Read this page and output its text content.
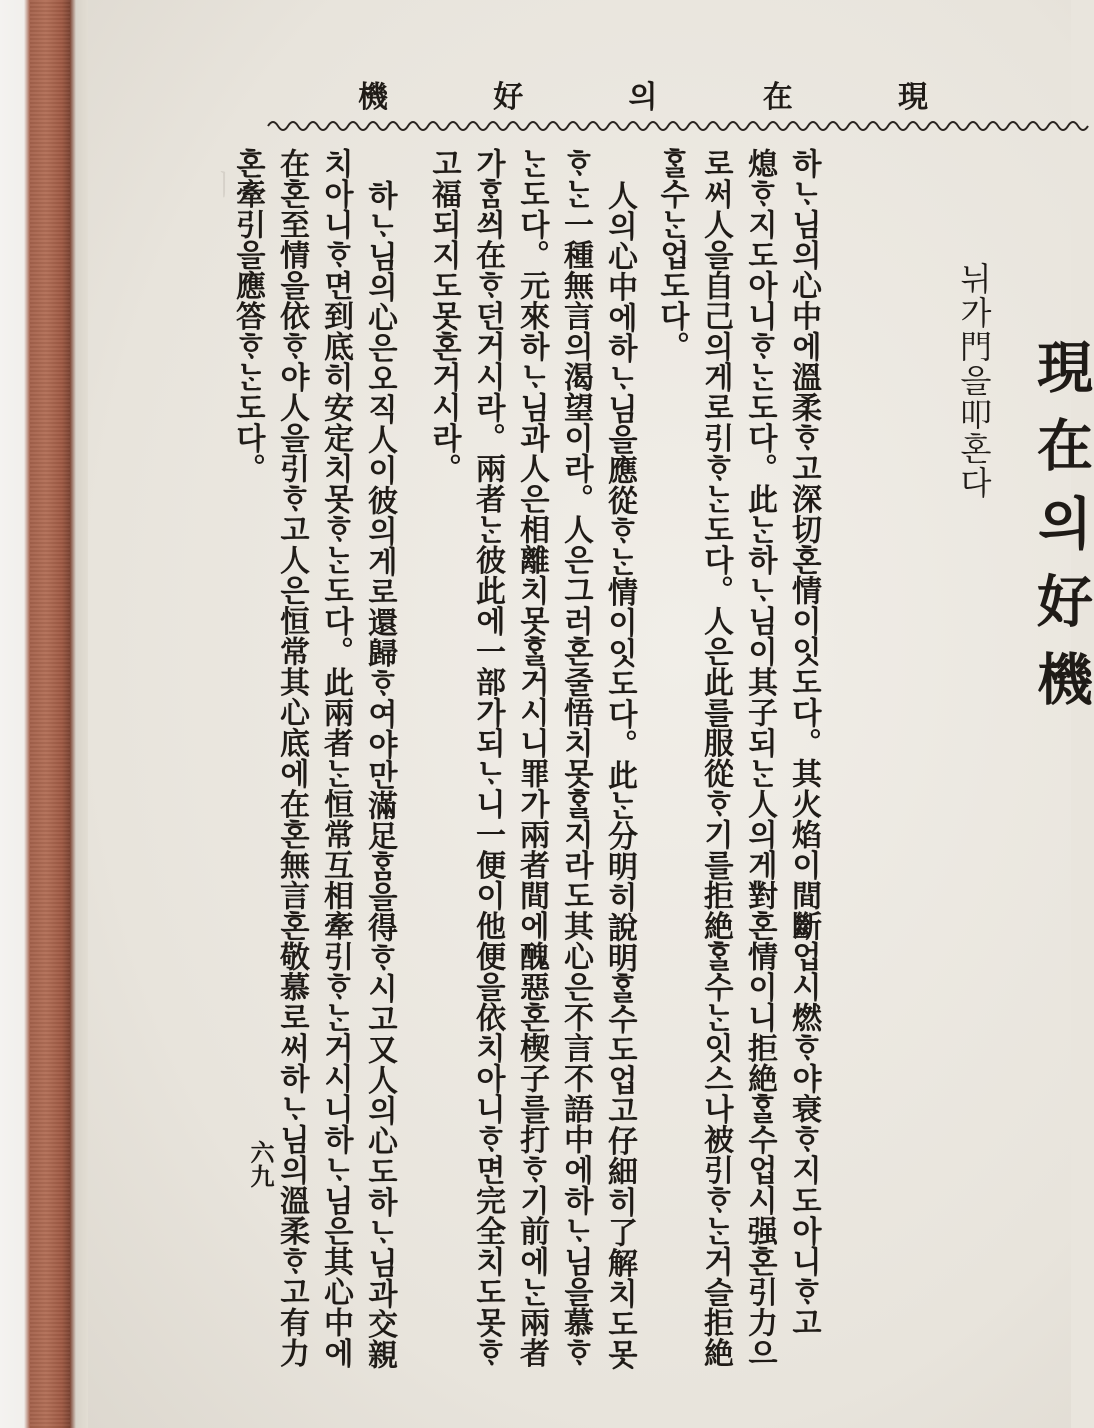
ㅣ
現
在
의
好
機
現在의好機
뉘가門을叩혼다
하ᄂᆞ님의心中에溫柔ᄒᆞ고深切혼情이잇도다。其火焰이間斷업시燃ᄒᆞ야衰ᄒᆞ지도아니ᄒᆞ고
熄ᄒᆞ지도아니ᄒᆞᄂᆞᆫ도다。此ᄂᆞᆫ하ᄂᆞ님이其子되ᄂᆞᆫ人의게對혼情이니拒絶ᄒᆞᆯ수업시强혼引力으
로써人을自己의게로引ᄒᆞᄂᆞᆫ도다。人은此를服從ᄒᆞ기를拒絶ᄒᆞᆯ수ᄂᆞᆫ잇스나被引ᄒᆞᄂᆞᆫ거슬拒絶
ᄒᆞᆯ수ᄂᆞᆫ업도다。
人의心中에하ᄂᆞ님을應從ᄒᆞᄂᆞᆫ情이잇도다。此ᄂᆞᆫ分明히說明ᄒᆞᆯ수도업고仔細히了解치도못
ᄒᆞᄂᆞᆫ一種無言의渴望이라。人은그러혼줄悟치못ᄒᆞᆯ지라도其心은不言不語中에하ᄂᆞ님을慕ᄒᆞ
ᄂᆞᆫ도다。元來하ᄂᆞ님과人은相離치못ᄒᆞᆯ거시니罪가兩者間에醜惡혼楔子를打ᄒᆞ기前에ᄂᆞᆫ兩者
가ᄒᆞᆷ씌在ᄒᆞ던거시라。兩者ᄂᆞᆫ彼此에一部가되ᄂᆞ니一便이他便을依치아니ᄒᆞ면完全치도못ᄒᆞ
고福되지도못혼거시라。
하ᄂᆞ님의心은오직人이彼의게로還歸ᄒᆞ여야만滿足ᄒᆞᆷ을得ᄒᆞ시고又人의心도하ᄂᆞ님과交親
치아니ᄒᆞ면到底히安定치못ᄒᆞᄂᆞᆫ도다。此兩者ᄂᆞᆫ恒常互相牽引ᄒᆞᄂᆞᆫ거시니하ᄂᆞ님은其心中에
在혼至情을依ᄒᆞ야人을引ᄒᆞ고人은恒常其心底에在혼無言혼敬慕로써하ᄂᆞ님의溫柔ᄒᆞ고有力
혼牽引을應答ᄒᆞᄂᆞᆫ도다。
六九
